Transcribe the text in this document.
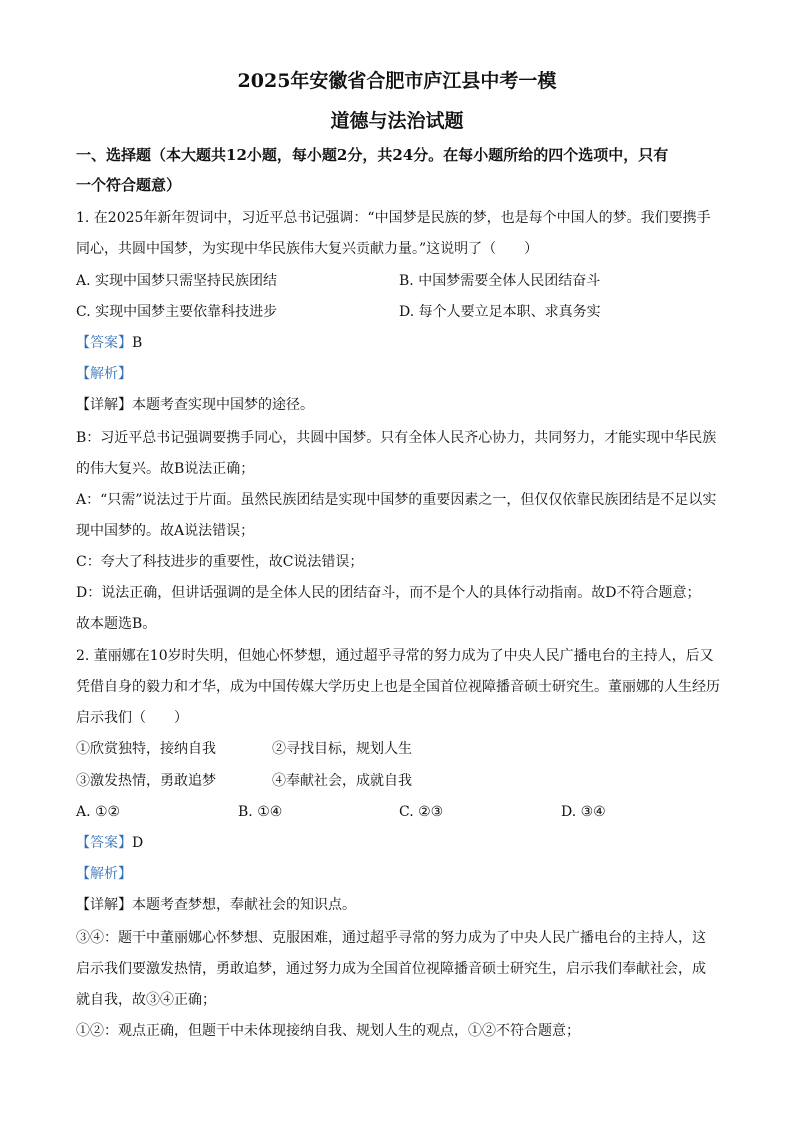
2025年安徽省合肥市庐江县中考一模
道德与法治试题
一、选择题（本大题共12小题，每小题2分，共24分。在每小题所给的四个选项中，只有
一个符合题意）
1. 在2025年新年贺词中，习近平总书记强调：“中国梦是民族的梦，也是每个中国人的梦。我们要携手
同心，共圆中国梦，为实现中华民族伟大复兴贡献力量。”这说明了（　　）
A. 实现中国梦只需坚持民族团结	B. 中国梦需要全体人民团结奋斗
C. 实现中国梦主要依靠科技进步	D. 每个人要立足本职、求真务实
【答案】B
【解析】
【详解】本题考查实现中国梦的途径。
B：习近平总书记强调要携手同心，共圆中国梦。只有全体人民齐心协力，共同努力，才能实现中华民族
的伟大复兴。故B说法正确；
A：“只需”说法过于片面。虽然民族团结是实现中国梦的重要因素之一，但仅仅依靠民族团结是不足以实
现中国梦的。故A说法错误；
C：夸大了科技进步的重要性，故C说法错误；
D：说法正确，但讲话强调的是全体人民的团结奋斗，而不是个人的具体行动指南。故D不符合题意；
故本题选B。
2. 董丽娜在10岁时失明，但她心怀梦想，通过超乎寻常的努力成为了中央人民广播电台的主持人，后又
凭借自身的毅力和才华，成为中国传媒大学历史上也是全国首位视障播音硕士研究生。董丽娜的人生经历
启示我们（　　）
①欣赏独特，接纳自我	②寻找目标，规划人生
③激发热情，勇敢追梦	④奉献社会，成就自我
A. ①②	B. ①④	C. ②③	D. ③④
【答案】D
【解析】
【详解】本题考查梦想，奉献社会的知识点。
③④：题干中董丽娜心怀梦想、克服困难，通过超乎寻常的努力成为了中央人民广播电台的主持人，这
启示我们要激发热情，勇敢追梦，通过努力成为全国首位视障播音硕士研究生，启示我们奉献社会，成
就自我，故③④正确；
①②：观点正确，但题干中未体现接纳自我、规划人生的观点，①②不符合题意；
